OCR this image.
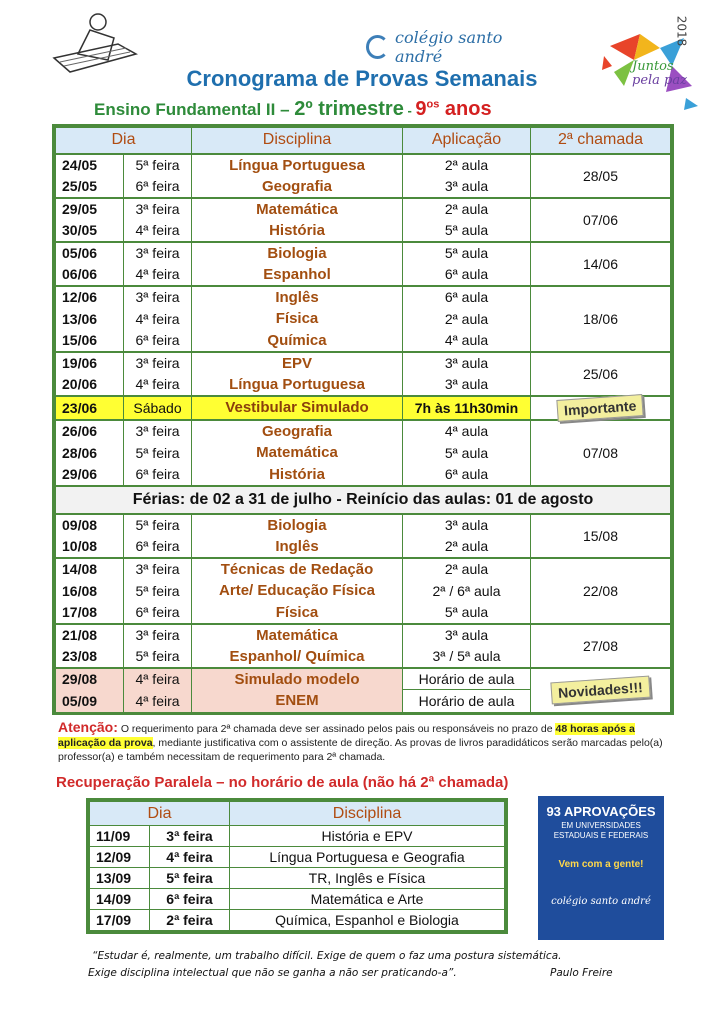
colégio santo andré
Juntos
pela paz
2018
Cronograma de Provas Semanais
Ensino Fundamental II – 2º trimestre - $9^{os}$ anos
Dia		Disciplina	Aplicação	2ª chamada
24/05	5ª feira	Língua Portuguesa	2ª aula	28/05
25/05	6ª feira	Geografia	3ª aula	
29/05	3ª feira	Matemática	2ª aula	07/06
30/05	4ª feira	História	5ª aula	
05/06	3ª feira	Biologia	5ª aula	14/06
06/06	4ª feira	Espanhol	6ª aula	
12/06	3ª feira	Inglês	6ª aula	18/06
13/06	4ª feira	Física	2ª aula	
15/06	6ª feira	Química	4ª aula	
19/06	3ª feira	EPV	3ª aula	25/06
20/06	4ª feira	Língua Portuguesa	3ª aula	
23/06	Sábado	Vestibular Simulado	7h às 11h30min	Importante
26/06	3ª feira	Geografia	4ª aula	07/08
28/06	5ª feira	Matemática	5ª aula	
29/06	6ª feira	História	6ª aula	
Férias: de 02 a 31 de julho - Reinício das aulas: 01 de agosto				
09/08	5ª feira	Biologia	3ª aula	15/08
10/08	6ª feira	Inglês	2ª aula	
14/08	3ª feira	Técnicas de Redação	2ª aula	22/08
16/08	5ª feira	Arte/ Educação Física	2ª / 6ª aula	
17/08	6ª feira	Física	5ª aula	
21/08	3ª feira	Matemática	3ª aula	27/08
23/08	5ª feira	Espanhol/ Química	3ª / 5ª aula	
29/08	4ª feira	Simulado modelo	Horário de aula	Novidades!!!
05/09	4ª feira	ENEM	Horário de aula	
Atenção: O requerimento para 2ª chamada deve ser assinado pelos pais ou responsáveis no prazo de 48 horas após a aplicação da prova, mediante justificativa com o assistente de direção. As provas de livros paradidáticos serão marcadas pelo(a) professor(a) e também necessitam de requerimento para 2ª chamada.
Recuperação Paralela – no horário de aula (não há 2ª chamada)
Dia		Disciplina
11/09	3ª feira	História e EPV
12/09	4ª feira	Língua Portuguesa e Geografia
13/09	5ª feira	TR, Inglês e Física
14/09	6ª feira	Matemática e Arte
17/09	2ª feira	Química, Espanhol e Biologia
93 APROVAÇÕES
EM UNIVERSIDADES ESTADUAIS E FEDERAIS
Vem com a gente!
colégio santo andré
“Estudar é, realmente, um trabalho difícil. Exige de quem o faz uma postura sistemática.
Exige disciplina intelectual que não se ganha a não ser praticando-a”.	Paulo Freire
